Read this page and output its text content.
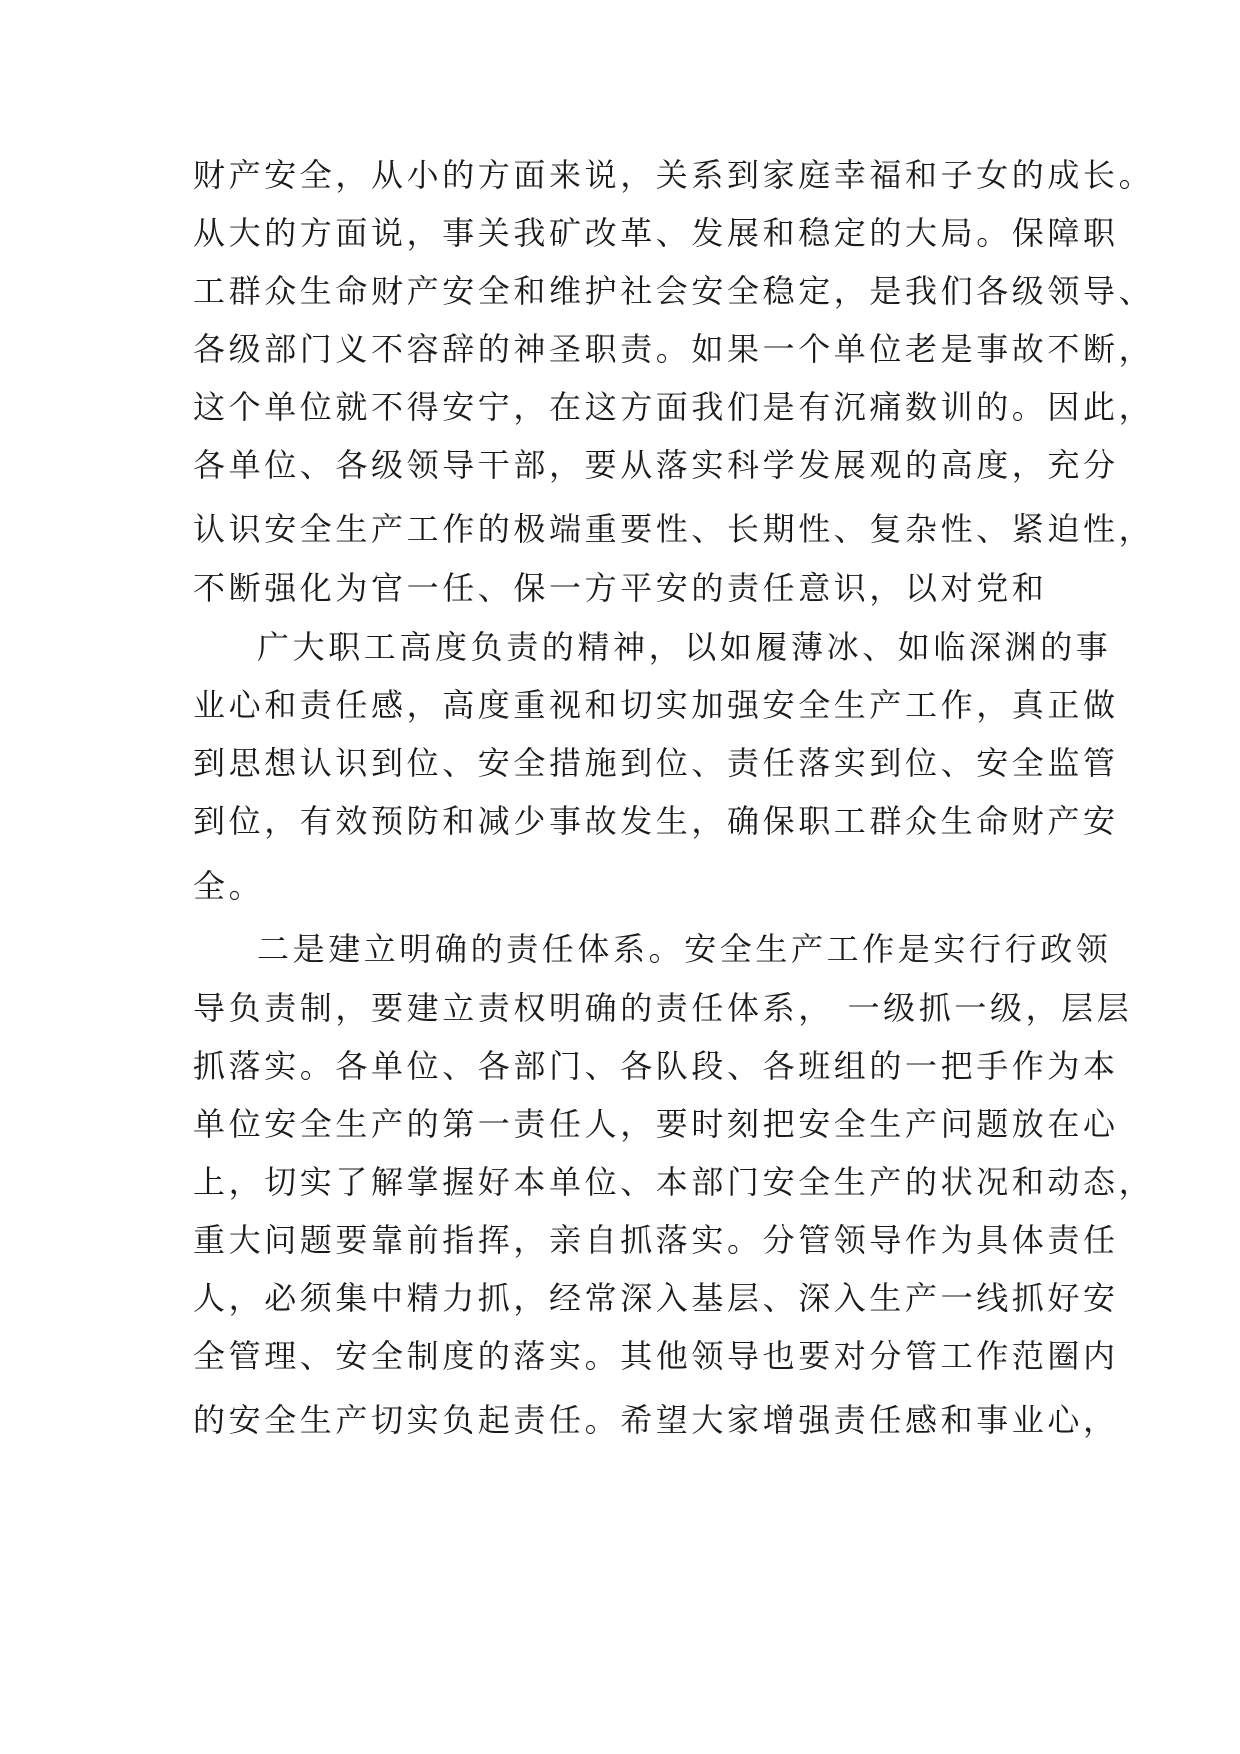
财产安全，从小的方面来说，关系到家庭幸福和子女的成长。

从大的方面说，事关我矿改革、发展和稳定的大局。保障职

工群众生命财产安全和维护社会安全稳定，是我们各级领导、

各级部门义不容辞的神圣职责。如果一个单位老是事故不断，

这个单位就不得安宁，在这方面我们是有沉痛数训的。因此，

各单位、各级领导干部，要从落实科学发展观的高度，充分

认识安全生产工作的极端重要性、长期性、复杂性、紧迫性，

不断强化为官一任、保一方平安的责任意识，以对党和

广大职工高度负责的精神，以如履薄冰、如临深渊的事

业心和责任感，高度重视和切实加强安全生产工作，真正做

到思想认识到位、安全措施到位、责任落实到位、安全监管

到位，有效预防和减少事故发生，确保职工群众生命财产安

全。

二是建立明确的责任体系。安全生产工作是实行行政领

导负责制，要建立责权明确的责任体系， 一级抓一级，层层

抓落实。各单位、各部门、各队段、各班组的一把手作为本

单位安全生产的第一责任人，要时刻把安全生产问题放在心

上，切实了解掌握好本单位、本部门安全生产的状况和动态，

重大问题要靠前指挥，亲自抓落实。分管领导作为具体责任

人，必须集中精力抓，经常深入基层、深入生产一线抓好安

全管理、安全制度的落实。其他领导也要对分管工作范圈内

的安全生产切实负起责任。希望大家增强责任感和事业心，
